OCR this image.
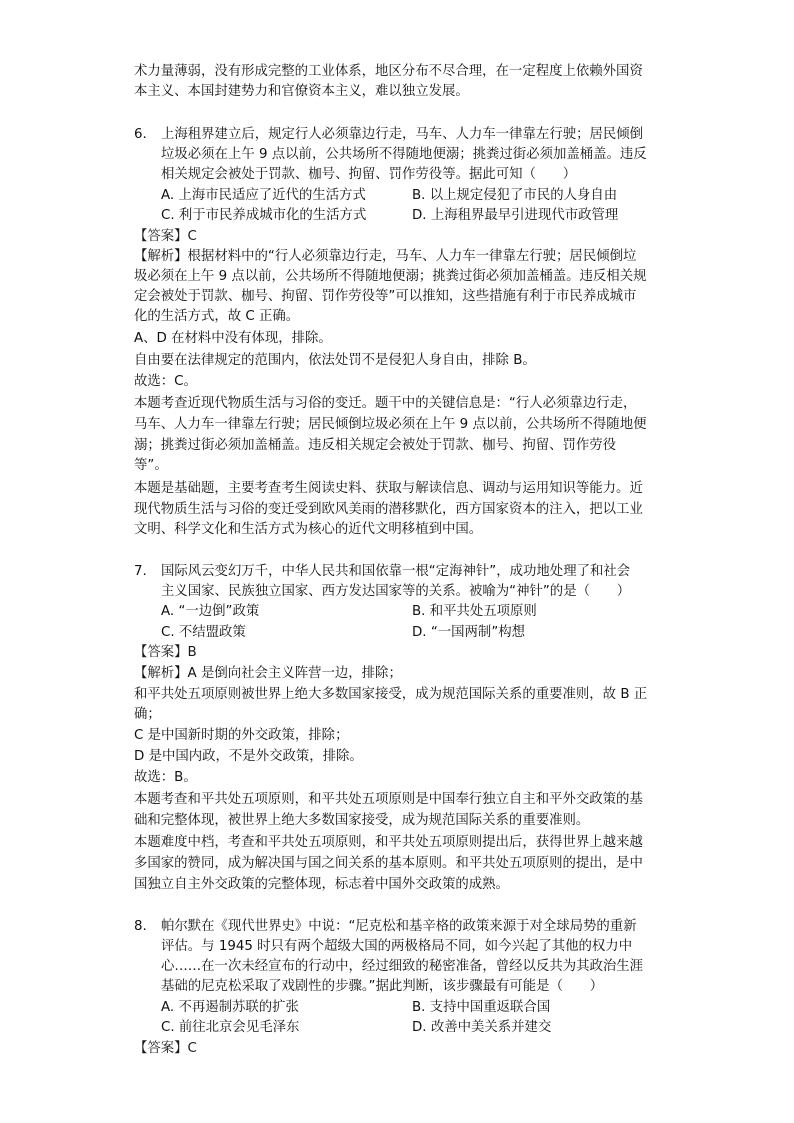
术力量薄弱，没有形成完整的工业体系，地区分布不尽合理，在一定程度上依赖外国资
本主义、本国封建势力和官僚资本主义，难以独立发展。
6. 上海租界建立后，规定行人必须靠边行走，马车、人力车一律靠左行驶；居民倾倒
垃圾必须在上午 9 点以前，公共场所不得随地便溺；挑粪过街必须加盖桶盖。违反
相关规定会被处于罚款、枷号、拘留、罚作劳役等。据此可知（　　）
A. 上海市民适应了近代的生活方式	B. 以上规定侵犯了市民的人身自由
C. 利于市民养成城市化的生活方式	D. 上海租界最早引进现代市政管理
【答案】C
【解析】根据材料中的“行人必须靠边行走，马车、人力车一律靠左行驶；居民倾倒垃
圾必须在上午 9 点以前，公共场所不得随地便溺；挑粪过街必须加盖桶盖。违反相关规
定会被处于罚款、枷号、拘留、罚作劳役等”可以推知，这些措施有利于市民养成城市
化的生活方式，故 C 正确。
A、D 在材料中没有体现，排除。
自由要在法律规定的范围内，依法处罚不是侵犯人身自由，排除 B。
故选：C。
本题考查近现代物质生活与习俗的变迁。题干中的关键信息是：“行人必须靠边行走，
马车、人力车一律靠左行驶；居民倾倒垃圾必须在上午 9 点以前，公共场所不得随地便
溺；挑粪过街必须加盖桶盖。违反相关规定会被处于罚款、枷号、拘留、罚作劳役
等”。
本题是基础题，主要考查考生阅读史料、获取与解读信息、调动与运用知识等能力。近
现代物质生活与习俗的变迁受到欧风美雨的潜移默化，西方国家资本的注入，把以工业
文明、科学文化和生活方式为核心的近代文明移植到中国。
7. 国际风云变幻万千，中华人民共和国依靠一根“定海神针”，成功地处理了和社会
主义国家、民族独立国家、西方发达国家等的关系。被喻为“神针”的是（　　）
A. “一边倒”政策	B. 和平共处五项原则
C. 不结盟政策	D. “一国两制”构想
【答案】B
【解析】A 是倒向社会主义阵营一边，排除；
和平共处五项原则被世界上绝大多数国家接受，成为规范国际关系的重要准则，故 B 正
确；
C 是中国新时期的外交政策，排除；
D 是中国内政，不是外交政策，排除。
故选：B。
本题考查和平共处五项原则，和平共处五项原则是中国奉行独立自主和平外交政策的基
础和完整体现，被世界上绝大多数国家接受，成为规范国际关系的重要准则。
本题难度中档，考查和平共处五项原则，和平共处五项原则提出后，获得世界上越来越
多国家的赞同，成为解决国与国之间关系的基本原则。和平共处五项原则的提出，是中
国独立自主外交政策的完整体现，标志着中国外交政策的成熟。
8. 帕尔默在《现代世界史》中说：“尼克松和基辛格的政策来源于对全球局势的重新
评估。与 1945 时只有两个超级大国的两极格局不同，如今兴起了其他的权力中
心……在一次未经宣布的行动中，经过细致的秘密准备，曾经以反共为其政治生涯
基础的尼克松采取了戏剧性的步骤。”据此判断，该步骤最有可能是（　　）
A. 不再遏制苏联的扩张	B. 支持中国重返联合国
C. 前往北京会见毛泽东	D. 改善中美关系并建交
【答案】C
